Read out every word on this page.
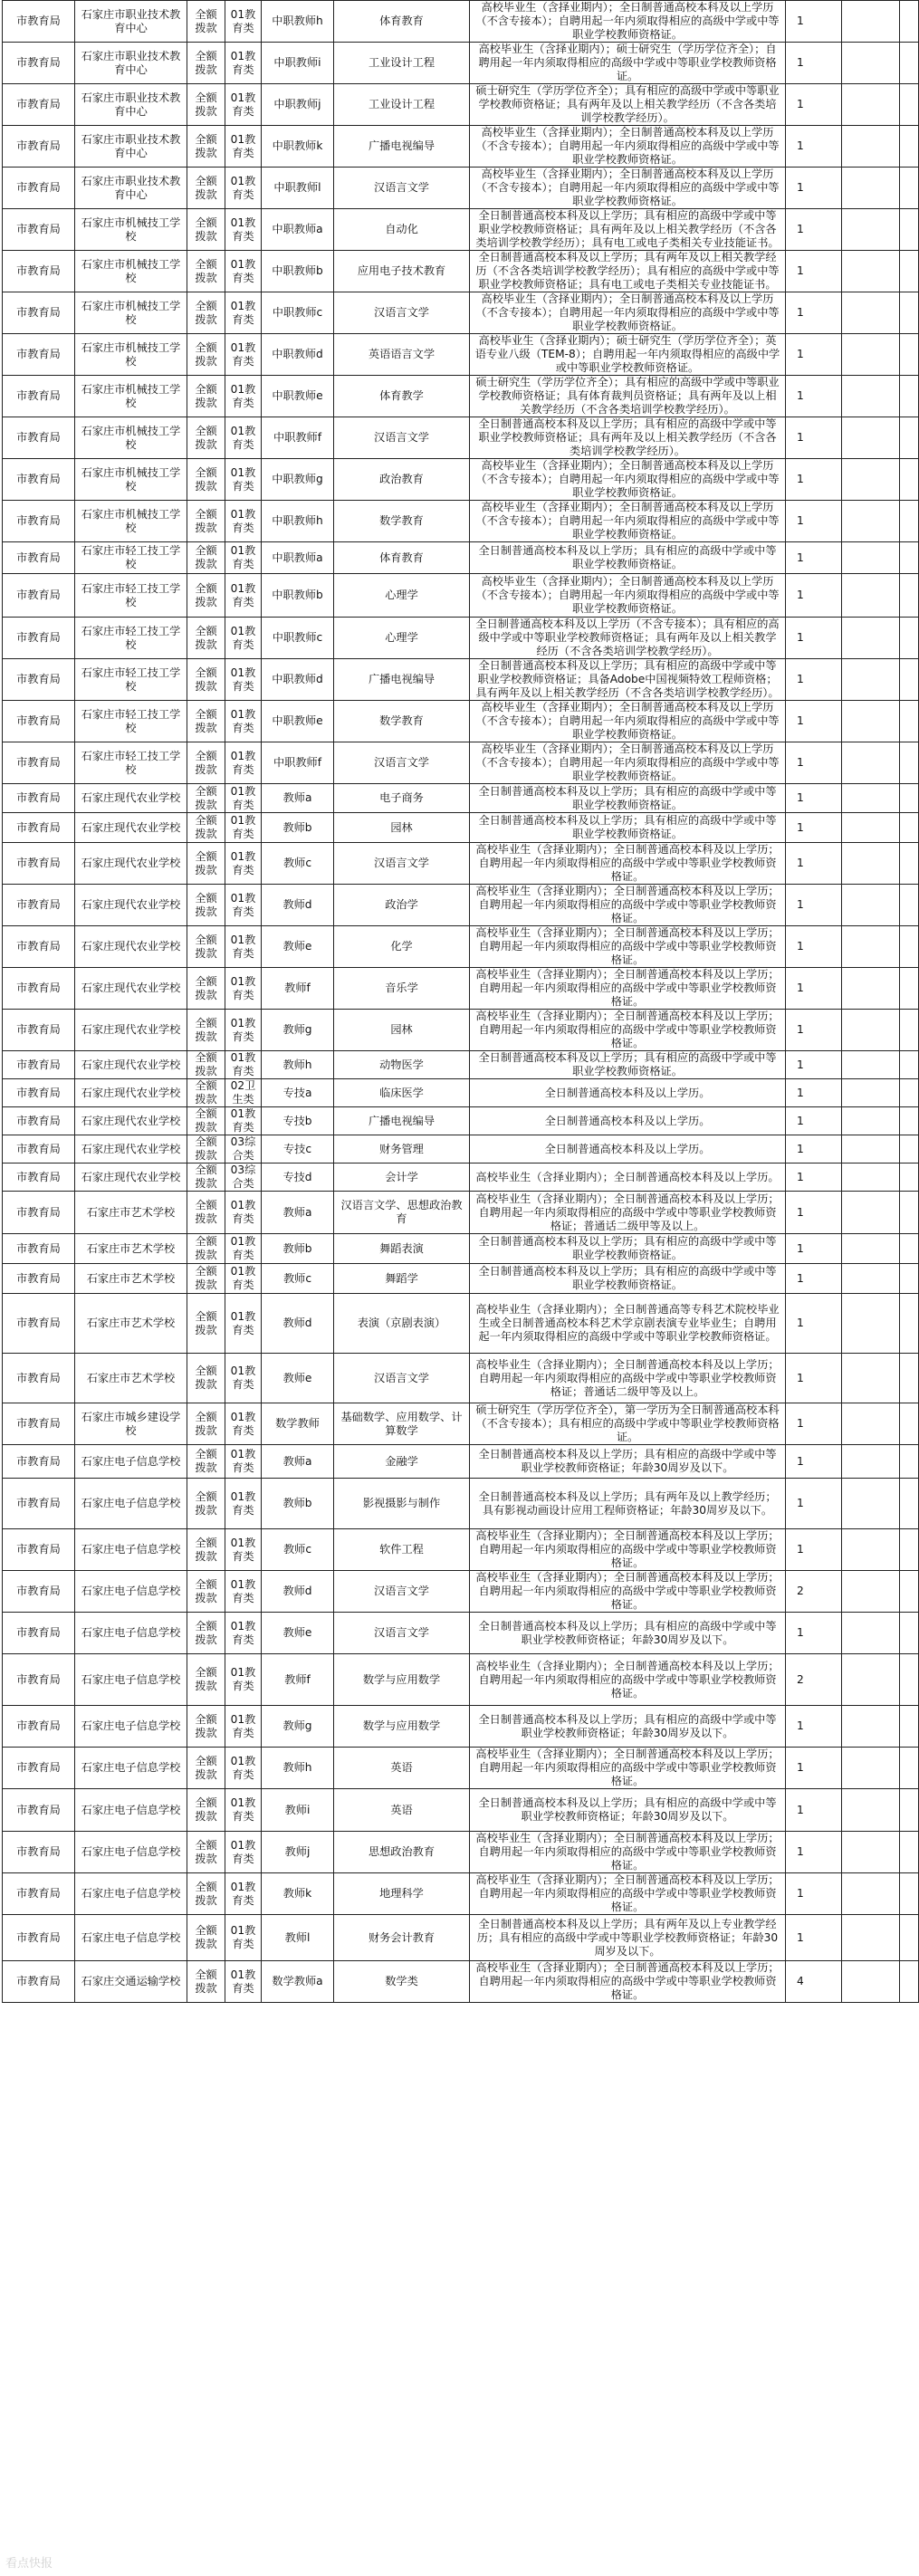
市教育局	石家庄市职业技术教育中心	全额拨款	01教育类	中职教师h	体育教育	高校毕业生（含择业期内）；全日制普通高校本科及以上学历（不含专接本）；自聘用起一年内须取得相应的高级中学或中等职业学校教师资格证。	1		
市教育局	石家庄市职业技术教育中心	全额拨款	01教育类	中职教师i	工业设计工程	高校毕业生（含择业期内）；硕士研究生（学历学位齐全）；自聘用起一年内须取得相应的高级中学或中等职业学校教师资格证。	1		
市教育局	石家庄市职业技术教育中心	全额拨款	01教育类	中职教师j	工业设计工程	硕士研究生（学历学位齐全）；具有相应的高级中学或中等职业学校教师资格证；具有两年及以上相关教学经历（不含各类培训学校教学经历）。	1		
市教育局	石家庄市职业技术教育中心	全额拨款	01教育类	中职教师k	广播电视编导	高校毕业生（含择业期内）；全日制普通高校本科及以上学历（不含专接本）；自聘用起一年内须取得相应的高级中学或中等职业学校教师资格证。	1		
市教育局	石家庄市职业技术教育中心	全额拨款	01教育类	中职教师l	汉语言文学	高校毕业生（含择业期内）；全日制普通高校本科及以上学历（不含专接本）；自聘用起一年内须取得相应的高级中学或中等职业学校教师资格证。	1		
市教育局	石家庄市机械技工学校	全额拨款	01教育类	中职教师a	自动化	全日制普通高校本科及以上学历；具有相应的高级中学或中等职业学校教师资格证；具有两年及以上相关教学经历（不含各类培训学校教学经历）；具有电工或电子类相关专业技能证书。	1		
市教育局	石家庄市机械技工学校	全额拨款	01教育类	中职教师b	应用电子技术教育	全日制普通高校本科及以上学历；具有两年及以上相关教学经历（不含各类培训学校教学经历）；具有相应的高级中学或中等职业学校教师资格证；具有电工或电子类相关专业技能证书。	1		
市教育局	石家庄市机械技工学校	全额拨款	01教育类	中职教师c	汉语言文学	高校毕业生（含择业期内）；全日制普通高校本科及以上学历（不含专接本）；自聘用起一年内须取得相应的高级中学或中等职业学校教师资格证。	1		
市教育局	石家庄市机械技工学校	全额拨款	01教育类	中职教师d	英语语言文学	高校毕业生（含择业期内）；硕士研究生（学历学位齐全）；英语专业八级（TEM-8）；自聘用起一年内须取得相应的高级中学或中等职业学校教师资格证。	1		
市教育局	石家庄市机械技工学校	全额拨款	01教育类	中职教师e	体育教学	硕士研究生（学历学位齐全）；具有相应的高级中学或中等职业学校教师资格证；具有体育裁判员资格证；具有两年及以上相关教学经历（不含各类培训学校教学经历）。	1		
市教育局	石家庄市机械技工学校	全额拨款	01教育类	中职教师f	汉语言文学	全日制普通高校本科及以上学历；具有相应的高级中学或中等职业学校教师资格证；具有两年及以上相关教学经历（不含各类培训学校教学经历）。	1		
市教育局	石家庄市机械技工学校	全额拨款	01教育类	中职教师g	政治教育	高校毕业生（含择业期内）；全日制普通高校本科及以上学历（不含专接本）；自聘用起一年内须取得相应的高级中学或中等职业学校教师资格证。	1		
市教育局	石家庄市机械技工学校	全额拨款	01教育类	中职教师h	数学教育	高校毕业生（含择业期内）；全日制普通高校本科及以上学历（不含专接本）；自聘用起一年内须取得相应的高级中学或中等职业学校教师资格证。	1		
市教育局	石家庄市轻工技工学校	全额拨款	01教育类	中职教师a	体育教育	全日制普通高校本科及以上学历；具有相应的高级中学或中等职业学校教师资格证。	1		
市教育局	石家庄市轻工技工学校	全额拨款	01教育类	中职教师b	心理学	高校毕业生（含择业期内）；全日制普通高校本科及以上学历（不含专接本）；自聘用起一年内须取得相应的高级中学或中等职业学校教师资格证。	1		
市教育局	石家庄市轻工技工学校	全额拨款	01教育类	中职教师c	心理学	全日制普通高校本科及以上学历（不含专接本）；具有相应的高级中学或中等职业学校教师资格证；具有两年及以上相关教学经历（不含各类培训学校教学经历）。	1		
市教育局	石家庄市轻工技工学校	全额拨款	01教育类	中职教师d	广播电视编导	全日制普通高校本科及以上学历；具有相应的高级中学或中等职业学校教师资格证；具备Adobe中国视频特效工程师资格；具有两年及以上相关教学经历（不含各类培训学校教学经历）。	1		
市教育局	石家庄市轻工技工学校	全额拨款	01教育类	中职教师e	数学教育	高校毕业生（含择业期内）；全日制普通高校本科及以上学历（不含专接本）；自聘用起一年内须取得相应的高级中学或中等职业学校教师资格证。	1		
市教育局	石家庄市轻工技工学校	全额拨款	01教育类	中职教师f	汉语言文学	高校毕业生（含择业期内）；全日制普通高校本科及以上学历（不含专接本）；自聘用起一年内须取得相应的高级中学或中等职业学校教师资格证。	1		
市教育局	石家庄现代农业学校	全额拨款	01教育类	教师a	电子商务	全日制普通高校本科及以上学历；具有相应的高级中学或中等职业学校教师资格证。	1		
市教育局	石家庄现代农业学校	全额拨款	01教育类	教师b	园林	全日制普通高校本科及以上学历；具有相应的高级中学或中等职业学校教师资格证。	1		
市教育局	石家庄现代农业学校	全额拨款	01教育类	教师c	汉语言文学	高校毕业生（含择业期内）；全日制普通高校本科及以上学历；自聘用起一年内须取得相应的高级中学或中等职业学校教师资格证。	1		
市教育局	石家庄现代农业学校	全额拨款	01教育类	教师d	政治学	高校毕业生（含择业期内）；全日制普通高校本科及以上学历；自聘用起一年内须取得相应的高级中学或中等职业学校教师资格证。	1		
市教育局	石家庄现代农业学校	全额拨款	01教育类	教师e	化学	高校毕业生（含择业期内）；全日制普通高校本科及以上学历；自聘用起一年内须取得相应的高级中学或中等职业学校教师资格证。	1		
市教育局	石家庄现代农业学校	全额拨款	01教育类	教师f	音乐学	高校毕业生（含择业期内）；全日制普通高校本科及以上学历；自聘用起一年内须取得相应的高级中学或中等职业学校教师资格证。	1		
市教育局	石家庄现代农业学校	全额拨款	01教育类	教师g	园林	高校毕业生（含择业期内）；全日制普通高校本科及以上学历；自聘用起一年内须取得相应的高级中学或中等职业学校教师资格证。	1		
市教育局	石家庄现代农业学校	全额拨款	01教育类	教师h	动物医学	全日制普通高校本科及以上学历；具有相应的高级中学或中等职业学校教师资格证。	1		
市教育局	石家庄现代农业学校	全额拨款	02卫生类	专技a	临床医学	全日制普通高校本科及以上学历。	1		
市教育局	石家庄现代农业学校	全额拨款	01教育类	专技b	广播电视编导	全日制普通高校本科及以上学历。	1		
市教育局	石家庄现代农业学校	全额拨款	03综合类	专技c	财务管理	全日制普通高校本科及以上学历。	1		
市教育局	石家庄现代农业学校	全额拨款	03综合类	专技d	会计学	高校毕业生（含择业期内）；全日制普通高校本科及以上学历。	1		
市教育局	石家庄市艺术学校	全额拨款	01教育类	教师a	汉语言文学、思想政治教育	高校毕业生（含择业期内）；全日制普通高校本科及以上学历；自聘用起一年内须取得相应的高级中学或中等职业学校教师资格证；普通话二级甲等及以上。	1		
市教育局	石家庄市艺术学校	全额拨款	01教育类	教师b	舞蹈表演	全日制普通高校本科及以上学历；具有相应的高级中学或中等职业学校教师资格证。	1		
市教育局	石家庄市艺术学校	全额拨款	01教育类	教师c	舞蹈学	全日制普通高校本科及以上学历；具有相应的高级中学或中等职业学校教师资格证。	1		
市教育局	石家庄市艺术学校	全额拨款	01教育类	教师d	表演（京剧表演）	高校毕业生（含择业期内）；全日制普通高等专科艺术院校毕业生或全日制普通高校本科艺术学京剧表演专业毕业生；自聘用起一年内须取得相应的高级中学或中等职业学校教师资格证。	1		
市教育局	石家庄市艺术学校	全额拨款	01教育类	教师e	汉语言文学	高校毕业生（含择业期内）；全日制普通高校本科及以上学历；自聘用起一年内须取得相应的高级中学或中等职业学校教师资格证；普通话二级甲等及以上。	1		
市教育局	石家庄市城乡建设学校	全额拨款	01教育类	数学教师	基础数学、应用数学、计算数学	硕士研究生（学历学位齐全），第一学历为全日制普通高校本科（不含专接本）；具有相应的高级中学或中等职业学校教师资格证。	1		
市教育局	石家庄电子信息学校	全额拨款	01教育类	教师a	金融学	全日制普通高校本科及以上学历；具有相应的高级中学或中等职业学校教师资格证；年龄30周岁及以下。	1		
市教育局	石家庄电子信息学校	全额拨款	01教育类	教师b	影视摄影与制作	全日制普通高校本科及以上学历；具有两年及以上教学经历；具有影视动画设计应用工程师资格证；年龄30周岁及以下。	1		
市教育局	石家庄电子信息学校	全额拨款	01教育类	教师c	软件工程	高校毕业生（含择业期内）；全日制普通高校本科及以上学历；自聘用起一年内须取得相应的高级中学或中等职业学校教师资格证。	1		
市教育局	石家庄电子信息学校	全额拨款	01教育类	教师d	汉语言文学	高校毕业生（含择业期内）；全日制普通高校本科及以上学历；自聘用起一年内须取得相应的高级中学或中等职业学校教师资格证。	2		
市教育局	石家庄电子信息学校	全额拨款	01教育类	教师e	汉语言文学	全日制普通高校本科及以上学历；具有相应的高级中学或中等职业学校教师资格证；年龄30周岁及以下。	1		
市教育局	石家庄电子信息学校	全额拨款	01教育类	教师f	数学与应用数学	高校毕业生（含择业期内）；全日制普通高校本科及以上学历；自聘用起一年内须取得相应的高级中学或中等职业学校教师资格证。	2		
市教育局	石家庄电子信息学校	全额拨款	01教育类	教师g	数学与应用数学	全日制普通高校本科及以上学历；具有相应的高级中学或中等职业学校教师资格证；年龄30周岁及以下。	1		
市教育局	石家庄电子信息学校	全额拨款	01教育类	教师h	英语	高校毕业生（含择业期内）；全日制普通高校本科及以上学历；自聘用起一年内须取得相应的高级中学或中等职业学校教师资格证。	1		
市教育局	石家庄电子信息学校	全额拨款	01教育类	教师i	英语	全日制普通高校本科及以上学历；具有相应的高级中学或中等职业学校教师资格证；年龄30周岁及以下。	1		
市教育局	石家庄电子信息学校	全额拨款	01教育类	教师j	思想政治教育	高校毕业生（含择业期内）；全日制普通高校本科及以上学历；自聘用起一年内须取得相应的高级中学或中等职业学校教师资格证。	1		
市教育局	石家庄电子信息学校	全额拨款	01教育类	教师k	地理科学	高校毕业生（含择业期内）；全日制普通高校本科及以上学历；自聘用起一年内须取得相应的高级中学或中等职业学校教师资格证。	1		
市教育局	石家庄电子信息学校	全额拨款	01教育类	教师l	财务会计教育	全日制普通高校本科及以上学历；具有两年及以上专业教学经历；具有相应的高级中学或中等职业学校教师资格证；年龄30周岁及以下。	1		
市教育局	石家庄交通运输学校	全额拨款	01教育类	数学教师a	数学类	高校毕业生（含择业期内）；全日制普通高校本科及以上学历；自聘用起一年内须取得相应的高级中学或中等职业学校教师资格证。	4		
看点快报
